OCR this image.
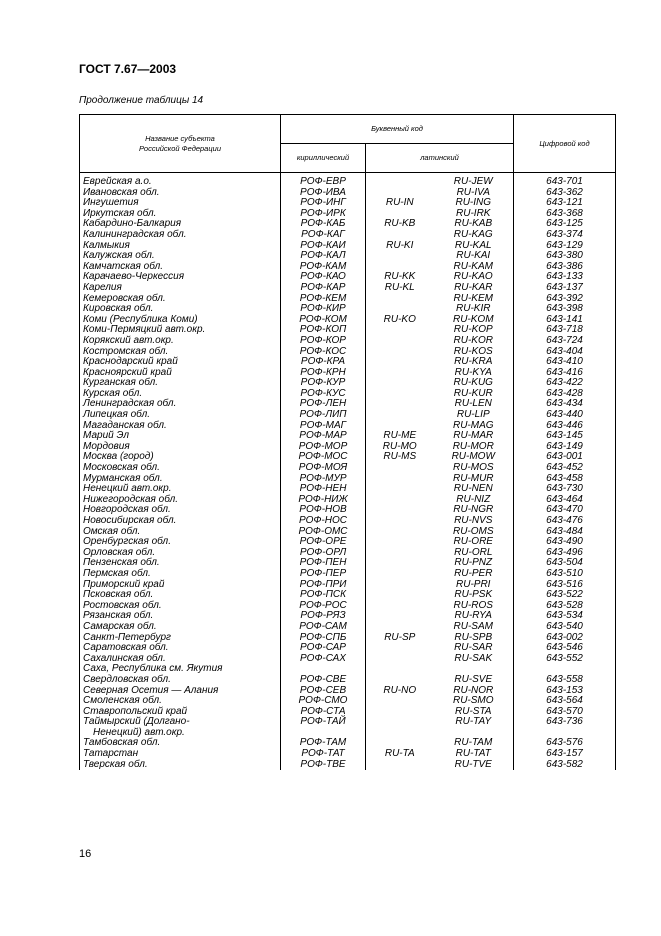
ГОСТ 7.67—2003
Продолжение таблицы 14
Название субъекта Российской Федерации	Буквенный код			Цифровой код
	кириллический	латинский		
Еврейская а.о.	РОФ-ЕВР		RU-JEW	643-701
Ивановская обл.	РОФ-ИВА		RU-IVA	643-362
Ингушетия	РОФ-ИНГ	RU-IN	RU-ING	643-121
Иркутская обл.	РОФ-ИРК		RU-IRK	643-368
Кабардино-Балкария	РОФ-КАБ	RU-KB	RU-KAB	643-125
Калининградская обл.	РОФ-КАГ		RU-KAG	643-374
Калмыкия	РОФ-КАИ	RU-KI	RU-KAL	643-129
Калужская обл.	РОФ-КАЛ		RU-KAI	643-380
Камчатская обл.	РОФ-КАМ		RU-KAM	643-386
Карачаево-Черкессия	РОФ-КАО	RU-KK	RU-KAO	643-133
Карелия	РОФ-КАР	RU-KL	RU-KAR	643-137
Кемеровская обл.	РОФ-КЕМ		RU-KEM	643-392
Кировская обл.	РОФ-КИР		RU-KIR	643-398
Коми (Республика Коми)	РОФ-КОМ	RU-KO	RU-KOM	643-141
Коми-Пермяцкий авт.окр.	РОФ-КОП		RU-KOP	643-718
Корякский авт.окр.	РОФ-КОР		RU-KOR	643-724
Костромская обл.	РОФ-КОС		RU-KOS	643-404
Краснодарский край	РОФ-КРА		RU-KRA	643-410
Красноярский край	РОФ-КРН		RU-KYA	643-416
Курганская обл.	РОФ-КУР		RU-KUG	643-422
Курская обл.	РОФ-КУС		RU-KUR	643-428
Ленинградская обл.	РОФ-ЛЕН		RU-LEN	643-434
Липецкая обл.	РОФ-ЛИП		RU-LIP	643-440
Магаданская обл.	РОФ-МАГ		RU-MAG	643-446
Марий Эл	РОФ-МАР	RU-ME	RU-MAR	643-145
Мордовия	РОФ-МОР	RU-MO	RU-MOR	643-149
Москва (город)	РОФ-МОС	RU-MS	RU-MOW	643-001
Московская обл.	РОФ-МОЯ		RU-MOS	643-452
Мурманская обл.	РОФ-МУР		RU-MUR	643-458
Ненецкий авт.окр.	РОФ-НЕН		RU-NEN	643-730
Нижегородская обл.	РОФ-НИЖ		RU-NIZ	643-464
Новгородская обл.	РОФ-НОВ		RU-NGR	643-470
Новосибирская обл.	РОФ-НОС		RU-NVS	643-476
Омская обл.	РОФ-ОМС		RU-OMS	643-484
Оренбургская обл.	РОФ-ОРЕ		RU-ORE	643-490
Орловская обл.	РОФ-ОРЛ		RU-ORL	643-496
Пензенская обл.	РОФ-ПЕН		RU-PNZ	643-504
Пермская обл.	РОФ-ПЕР		RU-PER	643-510
Приморский край	РОФ-ПРИ		RU-PRI	643-516
Псковская обл.	РОФ-ПСК		RU-PSK	643-522
Ростовская обл.	РОФ-РОС		RU-ROS	643-528
Рязанская обл.	РОФ-РЯЗ		RU-RYA	643-534
Самарская обл.	РОФ-САМ		RU-SAM	643-540
Санкт-Петербург	РОФ-СПБ	RU-SP	RU-SPB	643-002
Саратовская обл.	РОФ-САР		RU-SAR	643-546
Сахалинская обл.	РОФ-САХ		RU-SAK	643-552
Саха, Республика см. Якутия				
Свердловская обл.	РОФ-СВЕ		RU-SVE	643-558
Северная Осетия — Алания	РОФ-СЕВ	RU-NO	RU-NOR	643-153
Смоленская обл.	РОФ-СМО		RU-SMO	643-564
Ставропольский край	РОФ-СТА		RU-STA	643-570
Таймырский (Долгано-	РОФ-ТАЙ		RU-TAY	643-736
Ненецкий) авт.окр.				
Тамбовская обл.	РОФ-ТАМ		RU-TAM	643-576
Татарстан	РОФ-ТАТ	RU-TA	RU-TAT	643-157
Тверская обл.	РОФ-ТВЕ		RU-TVE	643-582
16
